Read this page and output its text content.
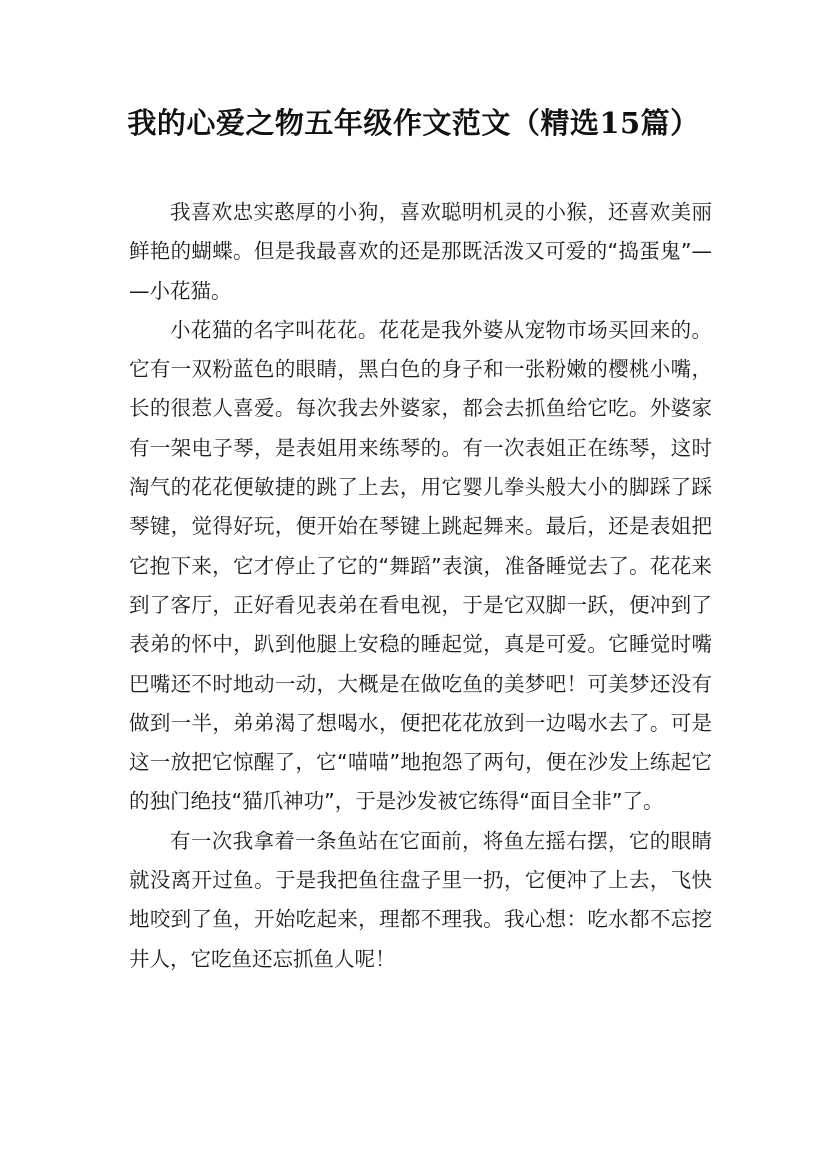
我的心爱之物五年级作文范文（精选15篇）

我喜欢忠实憨厚的小狗，喜欢聪明机灵的小猴，还喜欢美丽鲜艳的蝴蝶。但是我最喜欢的还是那既活泼又可爱的“捣蛋鬼”——小花猫。

小花猫的名字叫花花。花花是我外婆从宠物市场买回来的。它有一双粉蓝色的眼睛，黑白色的身子和一张粉嫩的樱桃小嘴，长的很惹人喜爱。每次我去外婆家，都会去抓鱼给它吃。外婆家有一架电子琴，是表姐用来练琴的。有一次表姐正在练琴，这时淘气的花花便敏捷的跳了上去，用它婴儿拳头般大小的脚踩了踩琴键，觉得好玩，便开始在琴键上跳起舞来。最后，还是表姐把它抱下来，它才停止了它的“舞蹈”表演，准备睡觉去了。花花来到了客厅，正好看见表弟在看电视，于是它双脚一跃，便冲到了表弟的怀中，趴到他腿上安稳的睡起觉，真是可爱。它睡觉时嘴巴嘴还不时地动一动，大概是在做吃鱼的美梦吧！可美梦还没有做到一半，弟弟渴了想喝水，便把花花放到一边喝水去了。可是这一放把它惊醒了，它“喵喵”地抱怨了两句，便在沙发上练起它的独门绝技“猫爪神功”，于是沙发被它练得“面目全非”了。

有一次我拿着一条鱼站在它面前，将鱼左摇右摆，它的眼睛就没离开过鱼。于是我把鱼往盘子里一扔，它便冲了上去，飞快地咬到了鱼，开始吃起来，理都不理我。我心想：吃水都不忘挖井人，它吃鱼还忘抓鱼人呢！
